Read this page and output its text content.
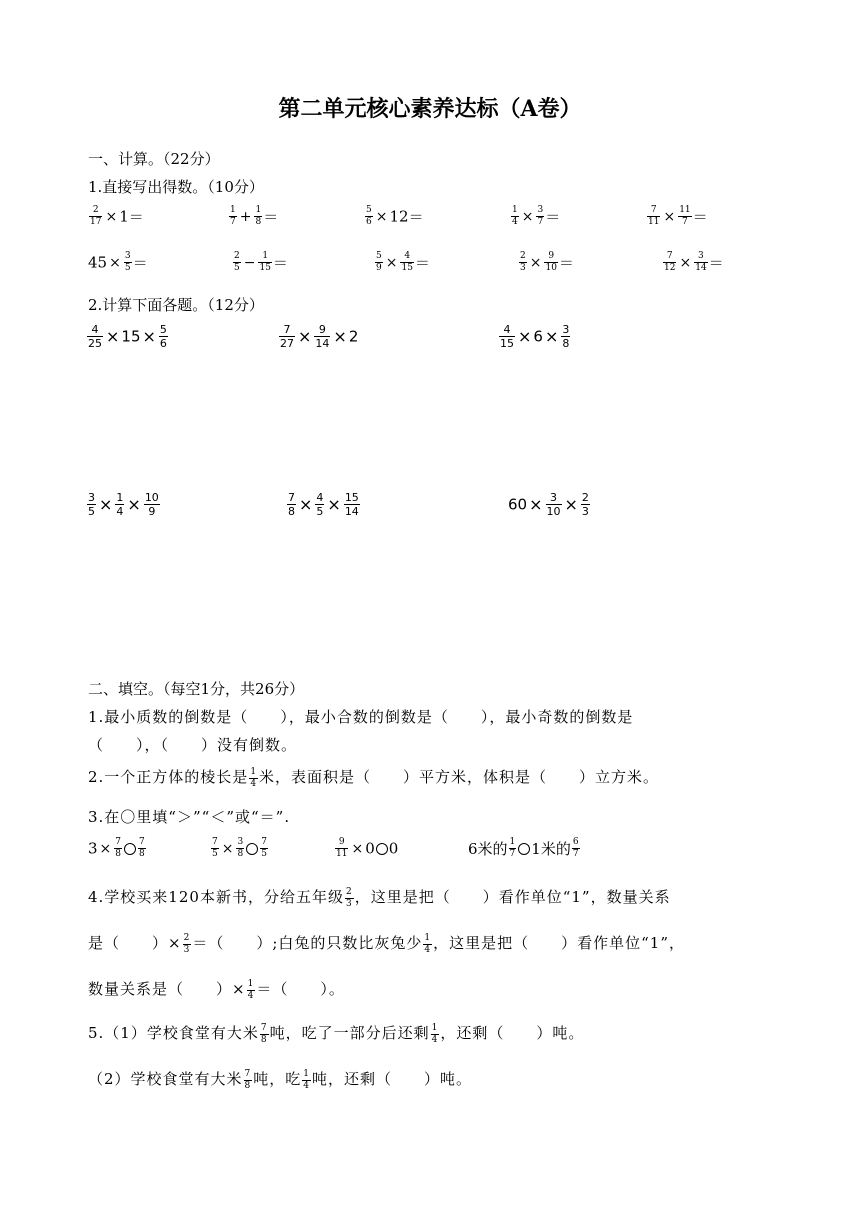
第二单元核心素养达标（A卷）
一、计算。（22分）
1.直接写出得数。（10分）
$\frac{2}{17} \times 1=$	$\frac{1}{7} + \frac{1}{8}$ ＝	$\frac{5}{6} \times 12=$	$\frac{1}{4} \times \frac{3}{7}$ ＝	$\frac{7}{11} \times \frac{11}{7}$ ＝
$45 \times \frac{3}{5}$ ＝	$\frac{2}{5} - \frac{1}{15}$ ＝	$\frac{5}{9} \times \frac{4}{15}$ ＝	$\frac{2}{3} \times \frac{9}{10}$ ＝	$\frac{7}{12} \times \frac{3}{14}$ ＝
2.计算下面各题。（12分）
$\frac{4}{25} \times 15 \times \frac{5}{6}$	$\frac{7}{27} \times \frac{9}{14} \times 2$	$\frac{4}{15} \times 6 \times \frac{3}{8}$
$\frac{3}{5} \times \frac{1}{4} \times \frac{10}{9}$	$\frac{7}{8} \times \frac{4}{5} \times \frac{15}{14}$	$60 \times \frac{3}{10} \times \frac{2}{3}$
二、填空。（每空1分，共26分）
1.最小质数的倒数是（　　），最小合数的倒数是（　　），最小奇数的倒数是
（　　），（　　）没有倒数。
2.一个正方体的棱长是 $\frac{1}{4}$ 米，表面积是（　　）平方米，体积是（　　）立方米。
3.在〇里填“＞”“＜”或“＝”.
$3 \times \frac{7}{8} \frac{7}{8}$	$\frac{7}{5} \times \frac{3}{8} \frac{7}{5}$	$\frac{9}{11} \times 0$ 0	6米的 $\frac{1}{7} 1$米的 $\frac{6}{7}$
4.学校买来120本新书，分给五年级 $\frac{2}{3}$ ，这里是把（　　）看作单位“1”，数量关系
是（　　）× $\frac{2}{3}$ ＝（　　）;白兔的只数比灰兔少 $\frac{1}{4}$ ，这里是把（　　）看作单位“1”，
数量关系是（　　）× $\frac{1}{4}$ ＝（　　）。
5.（1）学校食堂有大米 $\frac{7}{8}$ 吨，吃了一部分后还剩 $\frac{1}{4}$ ，还剩（　　）吨。
（2）学校食堂有大米 $\frac{7}{8}$ 吨，吃 $\frac{1}{4}$ 吨，还剩（　　）吨。
